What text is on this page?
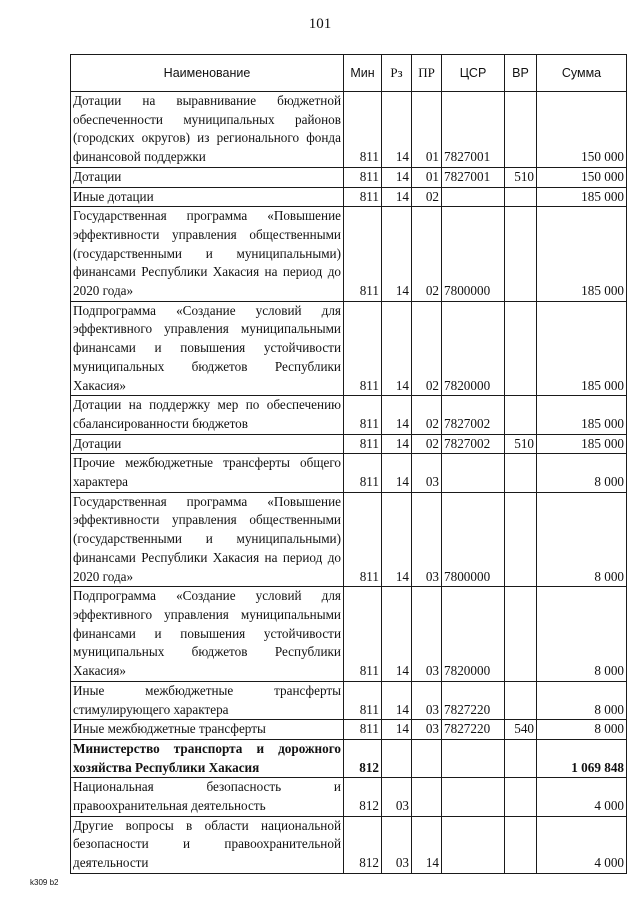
101
Наименование	Мин	Рз	ПР	ЦСР	ВР	Сумма
Дотации на выравнивание бюджетной обеспеченности муниципальных районов (городских округов) из регионального фонда финансовой поддержки	811	14	01	7827001		150 000
Дотации	811	14	01	7827001	510	150 000
Иные дотации	811	14	02			185 000
Государственная программа «Повышение эффективности управления общественными (государственными и муниципальными) финансами Республики Хакасия на период до 2020 года»	811	14	02	7800000		185 000
Подпрограмма «Создание условий для эффективного управления муниципальными финансами и повышения устойчивости муниципальных бюджетов Республики Хакасия»	811	14	02	7820000		185 000
Дотации на поддержку мер по обеспечению сбалансированности бюджетов	811	14	02	7827002		185 000
Дотации	811	14	02	7827002	510	185 000
Прочие межбюджетные трансферты общего характера	811	14	03			8 000
Государственная программа «Повышение эффективности управления общественными (государственными и муниципальными) финансами Республики Хакасия на период до 2020 года»	811	14	03	7800000		8 000
Подпрограмма «Создание условий для эффективного управления муниципальными финансами и повышения устойчивости муниципальных бюджетов Республики Хакасия»	811	14	03	7820000		8 000
Иные межбюджетные трансферты стимулирующего характера	811	14	03	7827220		8 000
Иные межбюджетные трансферты	811	14	03	7827220	540	8 000
Министерство транспорта и дорожного хозяйства Республики Хакасия	812					1 069 848
Национальная безопасность и правоохранительная деятельность	812	03				4 000
Другие вопросы в области национальной безопасности и правоохранительной деятельности	812	03	14			4 000
k309 b2
